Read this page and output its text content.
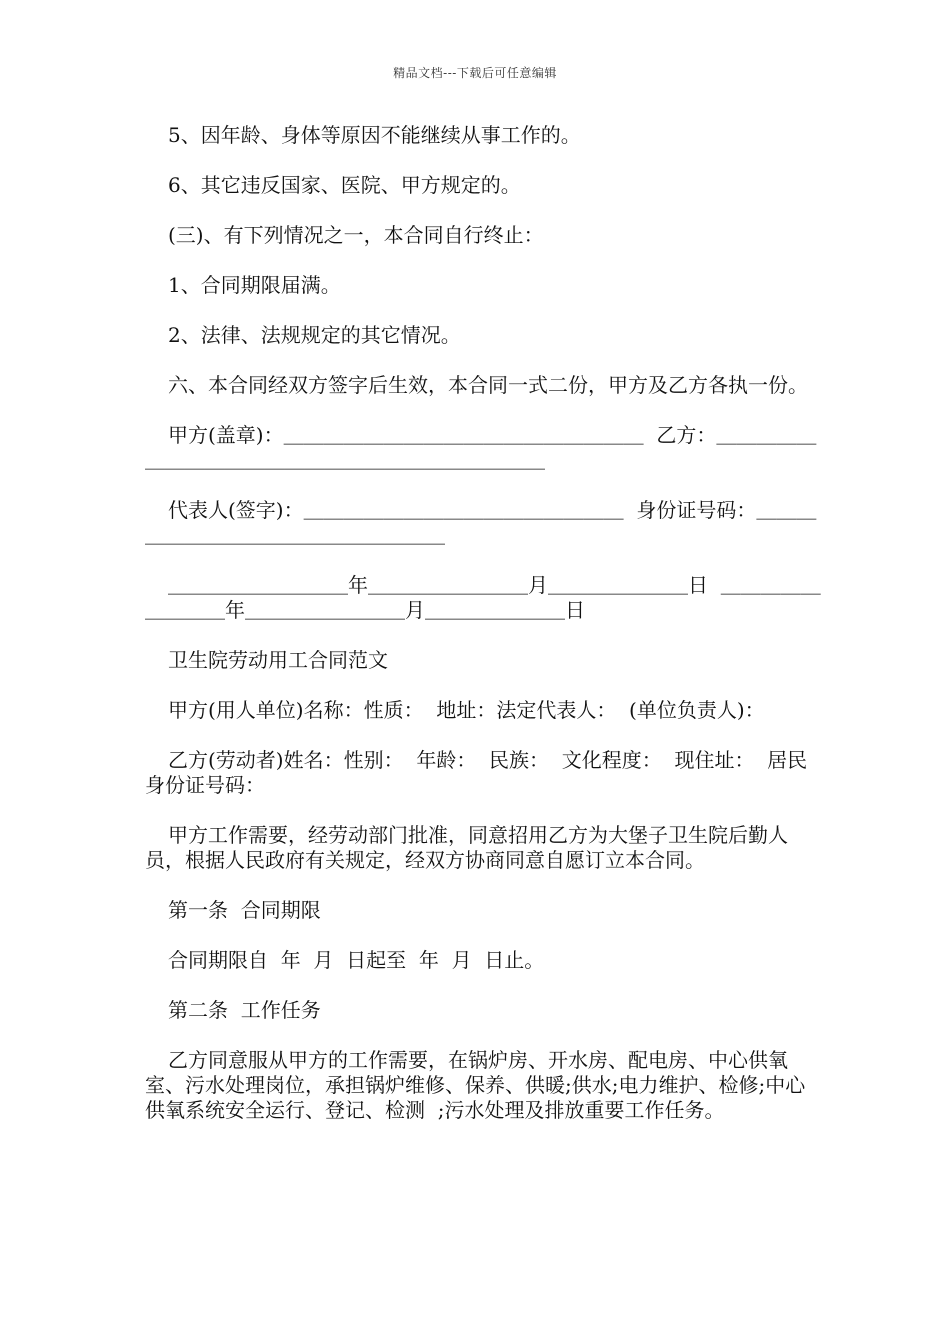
精品文档---下载后可任意编辑

5、因年龄、身体等原因不能继续从事工作的。

6、其它违反国家、医院、甲方规定的。

(三)、有下列情况之一，本合同自行终止：

1、合同期限届满。

2、法律、法规规定的其它情况。

六、本合同经双方签字后生效，本合同一式二份，甲方及乙方各执一份。

甲方(盖章)：＿＿＿＿＿＿＿＿＿＿＿＿＿＿＿＿＿＿  乙方：＿＿＿＿＿＿＿＿＿＿＿＿＿＿＿＿＿＿＿＿＿＿＿＿＿

代表人(签字)：＿＿＿＿＿＿＿＿＿＿＿＿＿＿＿＿  身份证号码：＿＿＿＿＿＿＿＿＿＿＿＿＿＿＿＿＿＿

＿＿＿＿＿＿＿＿＿年＿＿＿＿＿＿＿＿月＿＿＿＿＿＿＿日  ＿＿＿＿＿＿＿＿＿年＿＿＿＿＿＿＿＿月＿＿＿＿＿＿＿日

卫生院劳动用工合同范文

甲方(用人单位)名称：性质：  地址：法定代表人：  (单位负责人)：

乙方(劳动者)姓名：性别：  年龄：  民族：  文化程度：  现住址：  居民身份证号码：

甲方工作需要，经劳动部门批准，同意招用乙方为大堡子卫生院后勤人员，根据人民政府有关规定，经双方协商同意自愿订立本合同。

第一条  合同期限

合同期限自  年  月  日起至  年  月  日止。

第二条  工作任务

乙方同意服从甲方的工作需要，在锅炉房、开水房、配电房、中心供氧室、污水处理岗位，承担锅炉维修、保养、供暖;供水;电力维护、检修;中心供氧系统安全运行、登记、检测  ;污水处理及排放重要工作任务。
